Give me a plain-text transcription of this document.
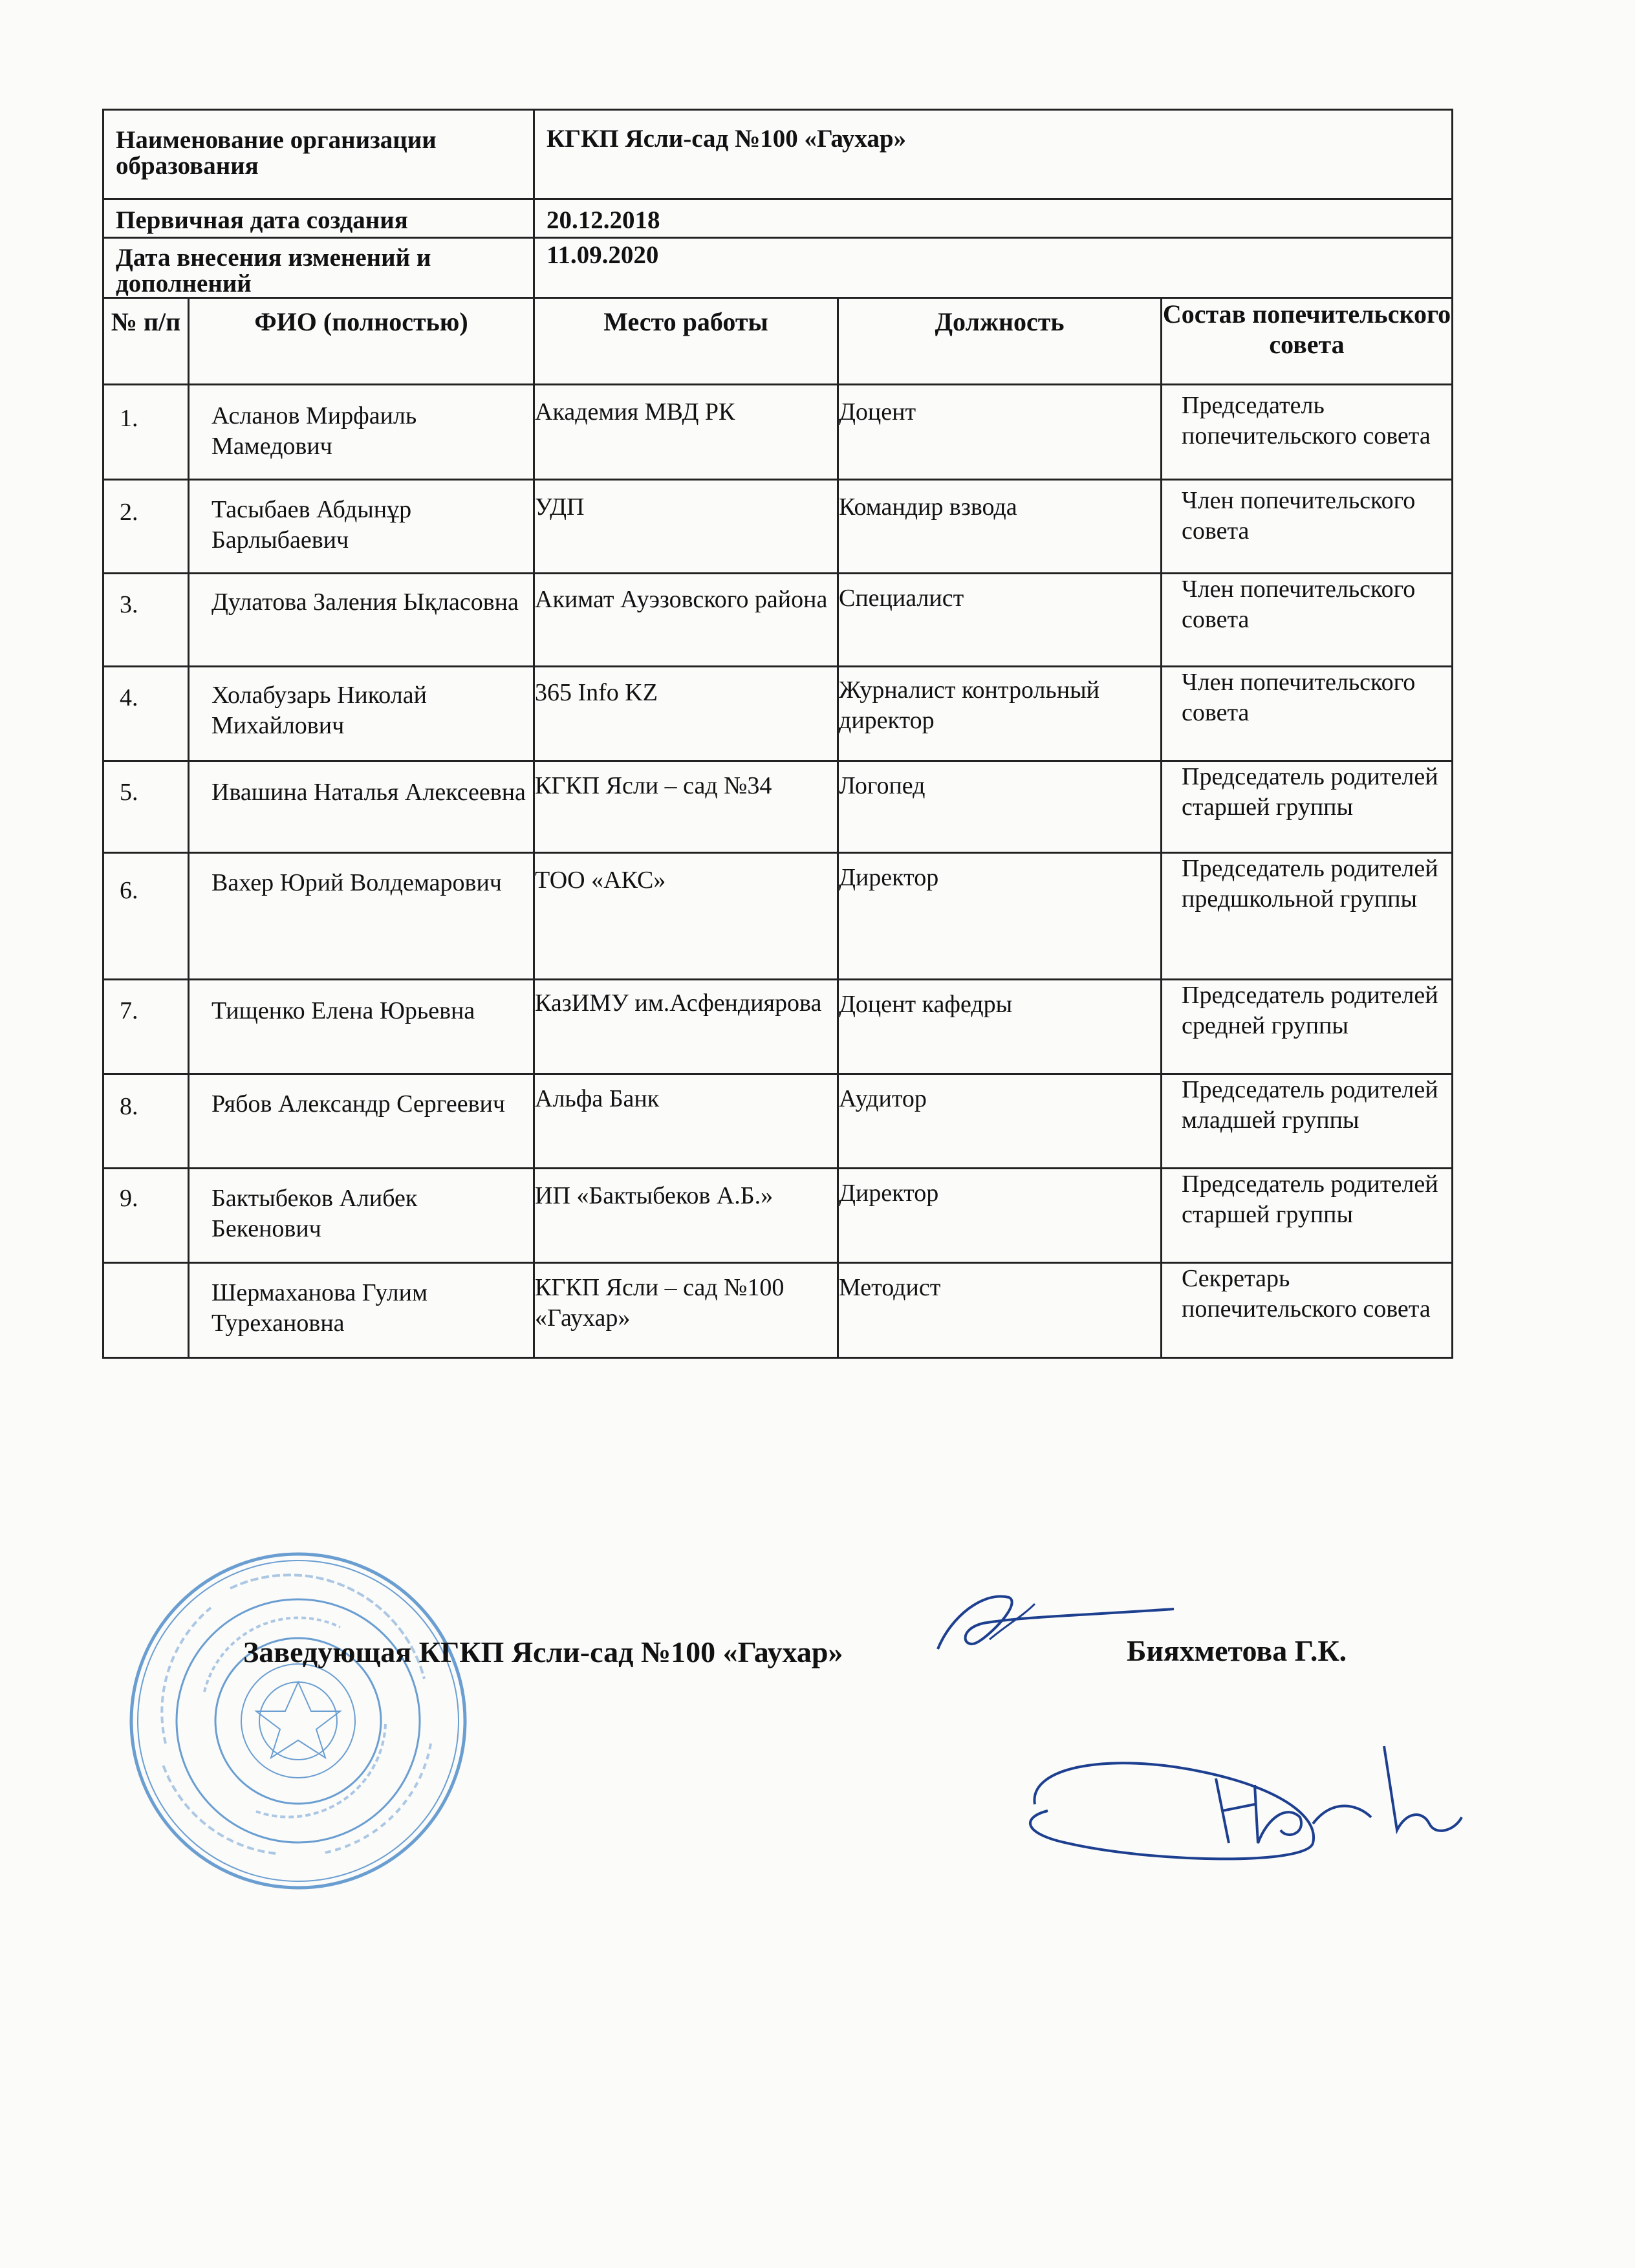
Наименование организации образования		КГКП Ясли-сад №100 «Гаухар»		
Первичная дата создания		20.12.2018		
Дата внесения изменений и дополнений		11.09.2020		
№ п/п	ФИО (полностью)	Место работы	Должность	Состав попечительского совета
1.	Асланов Мирфаиль Мамедович	Академия МВД РК	Доцент	Председатель попечительского совета
2.	Тасыбаев Абдынұр Барлыбаевич	УДП	Командир взвода	Член попечительского совета
3.	Дулатова Зaления Ықласовна	Акимат Ауэзовского района	Специалист	Член попечительского совета
4.	Холабузарь Николай Михайлович	365 Info KZ	Журналист контрольный директор	Член попечительского совета
5.	Ивашина Наталья Алексеевна	КГКП Ясли – сад №34	Логопед	Председатель родителей старшей группы
6.	Вахер Юрий Волдемарович	ТОО «АКС»	Директор	Председатель родителей предшкольной группы
7.	Тищенко Елена Юрьевна	КазИМУ им.Асфендиярова	Доцент кафедры	Председатель родителей средней группы
8.	Рябов Александр Сергеевич	Альфа Банк	Аудитор	Председатель родителей младшей группы
9.	Бактыбеков Алибек Бекенович	ИП «Бактыбеков А.Б.»	Директор	Председатель родителей старшей группы
	Шермаханова Гулим Туреханoвна	КГКП Ясли – сад №100 «Гаухар»	Методист	Секретарь попечительского совета
Заведующая КГКП Ясли-сад №100 «Гаухар»	Бияхметова Г.К.
